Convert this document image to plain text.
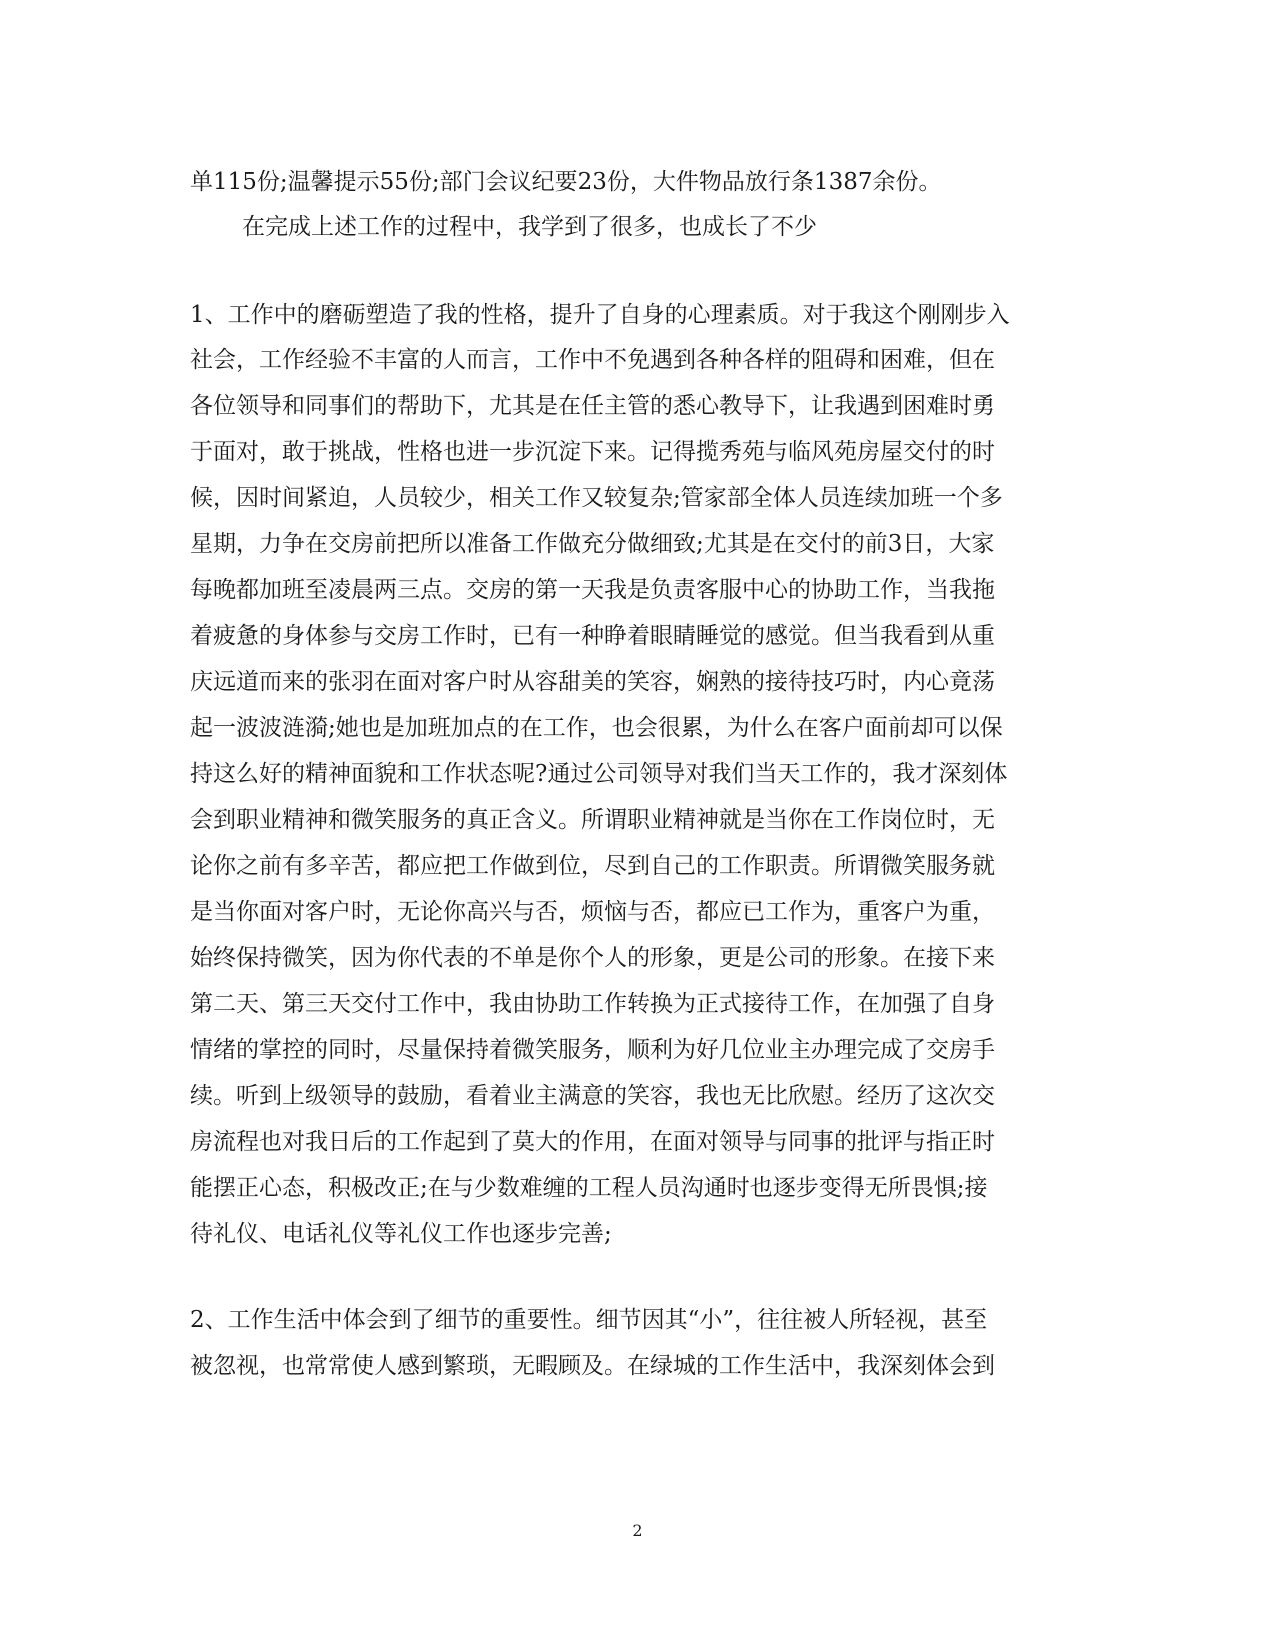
单115份;温馨提示55份;部门会议纪要23份，大件物品放行条1387余份。
在完成上述工作的过程中，我学到了很多，也成长了不少
1、工作中的磨砺塑造了我的性格，提升了自身的心理素质。对于我这个刚刚步入
社会，工作经验不丰富的人而言，工作中不免遇到各种各样的阻碍和困难，但在
各位领导和同事们的帮助下，尤其是在任主管的悉心教导下，让我遇到困难时勇
于面对，敢于挑战，性格也进一步沉淀下来。记得揽秀苑与临风苑房屋交付的时
候，因时间紧迫，人员较少，相关工作又较复杂;管家部全体人员连续加班一个多
星期，力争在交房前把所以准备工作做充分做细致;尤其是在交付的前3日，大家
每晚都加班至凌晨两三点。交房的第一天我是负责客服中心的协助工作，当我拖
着疲惫的身体参与交房工作时，已有一种睁着眼睛睡觉的感觉。但当我看到从重
庆远道而来的张羽在面对客户时从容甜美的笑容，娴熟的接待技巧时，内心竟荡
起一波波涟漪;她也是加班加点的在工作，也会很累，为什么在客户面前却可以保
持这么好的精神面貌和工作状态呢?通过公司领导对我们当天工作的，我才深刻体
会到职业精神和微笑服务的真正含义。所谓职业精神就是当你在工作岗位时，无
论你之前有多辛苦，都应把工作做到位，尽到自己的工作职责。所谓微笑服务就
是当你面对客户时，无论你高兴与否，烦恼与否，都应已工作为，重客户为重，
始终保持微笑，因为你代表的不单是你个人的形象，更是公司的形象。在接下来
第二天、第三天交付工作中，我由协助工作转换为正式接待工作，在加强了自身
情绪的掌控的同时，尽量保持着微笑服务，顺利为好几位业主办理完成了交房手
续。听到上级领导的鼓励，看着业主满意的笑容，我也无比欣慰。经历了这次交
房流程也对我日后的工作起到了莫大的作用，在面对领导与同事的批评与指正时
能摆正心态，积极改正;在与少数难缠的工程人员沟通时也逐步变得无所畏惧;接
待礼仪、电话礼仪等礼仪工作也逐步完善;
2、工作生活中体会到了细节的重要性。细节因其“小”，往往被人所轻视，甚至
被忽视，也常常使人感到繁琐，无暇顾及。在绿城的工作生活中，我深刻体会到
2
